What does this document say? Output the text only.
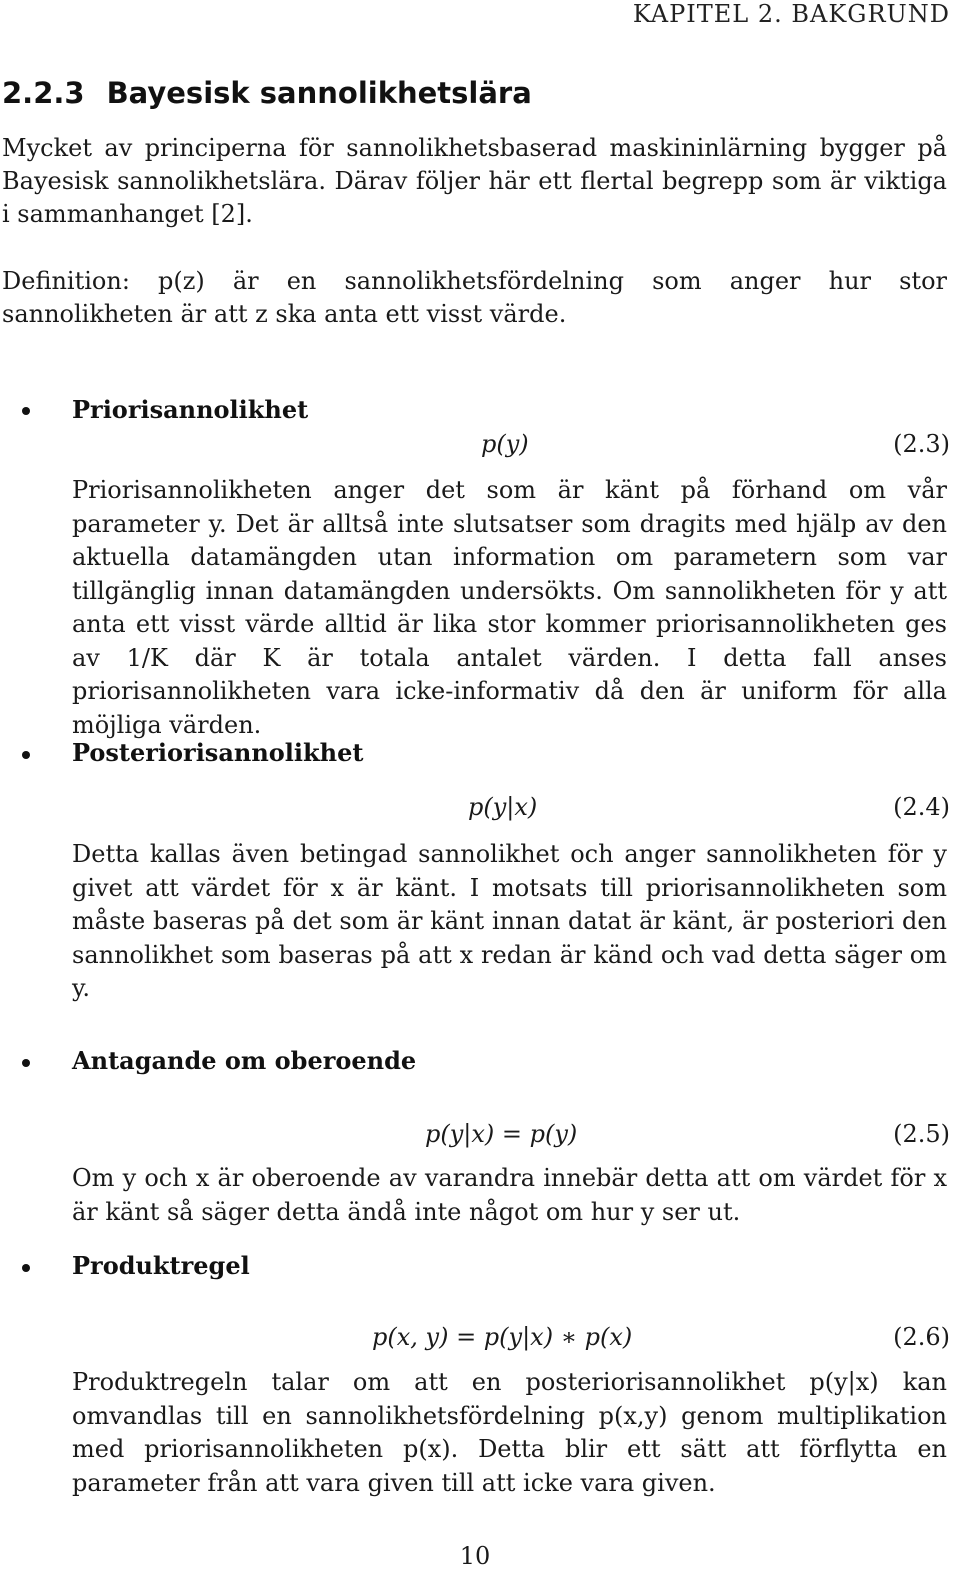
KAPITEL 2. BAKGRUND
2.2.3 Bayesisk sannolikhetslära

Mycket av principerna för sannolikhetsbaserad maskininlärning bygger på Bayesisk sannolikhetslära. Därav följer här ett flertal begrepp som är viktiga i sammanhanget [2].

Definition: p(z) är en sannolikhetsfördelning som anger hur stor sannolikheten är att z ska anta ett visst värde.

Priorisannolikhet
p(y)	(2.3)

Priorisannolikheten anger det som är känt på förhand om vår parameter y. Det är alltså inte slutsatser som dragits med hjälp av den aktuella datamängden utan information om parametern som var tillgänglig innan datamängden undersökts. Om sannolikheten för y att anta ett visst värde alltid är lika stor kommer priorisannolikheten ges av 1/K där K är totala antalet värden. I detta fall anses priorisannolikheten vara icke-informativ då den är uniform för alla möjliga värden.

Posteriorisannolikhet
p(y|x)	(2.4)

Detta kallas även betingad sannolikhet och anger sannolikheten för y givet att värdet för x är känt. I motsats till priorisannolikheten som måste baseras på det som är känt innan datat är känt, är posteriori den sannolikhet som baseras på att x redan är känd och vad detta säger om y.

Antagande om oberoende
p(y|x) = p(y)	(2.5)

Om y och x är oberoende av varandra innebär detta att om värdet för x är känt så säger detta ändå inte något om hur y ser ut.

Produktregel
p(x, y) = p(y|x) ∗ p(x)	(2.6)

Produktregeln talar om att en posteriorisannolikhet p(y|x) kan omvandlas till en sannolikhetsfördelning p(x,y) genom multiplikation med priorisannolikheten p(x). Detta blir ett sätt att förflytta en parameter från att vara given till att icke vara given.

10
